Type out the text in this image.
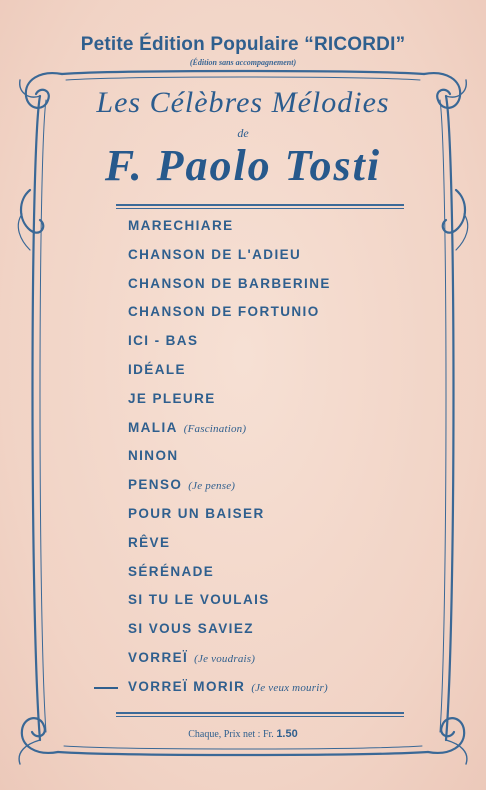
Petite Édition Populaire “RICORDI”
(Édition sans accompagnement)
Les Célèbres Mélodies
de
F. Paolo Tosti
MARECHIARE
CHANSON DE L'ADIEU
CHANSON DE BARBERINE
CHANSON DE FORTUNIO
ICI - BAS
IDÉALE
JE PLEURE
MALIA (Fascination)
NINON
PENSO (Je pense)
POUR UN BAISER
RÊVE
SÉRÉNADE
SI TU LE VOULAIS
SI VOUS SAVIEZ
VORREÏ (Je voudrais)
VORREÏ MORIR (Je veux mourir)
Chaque, Prix net : Fr. 1.50
